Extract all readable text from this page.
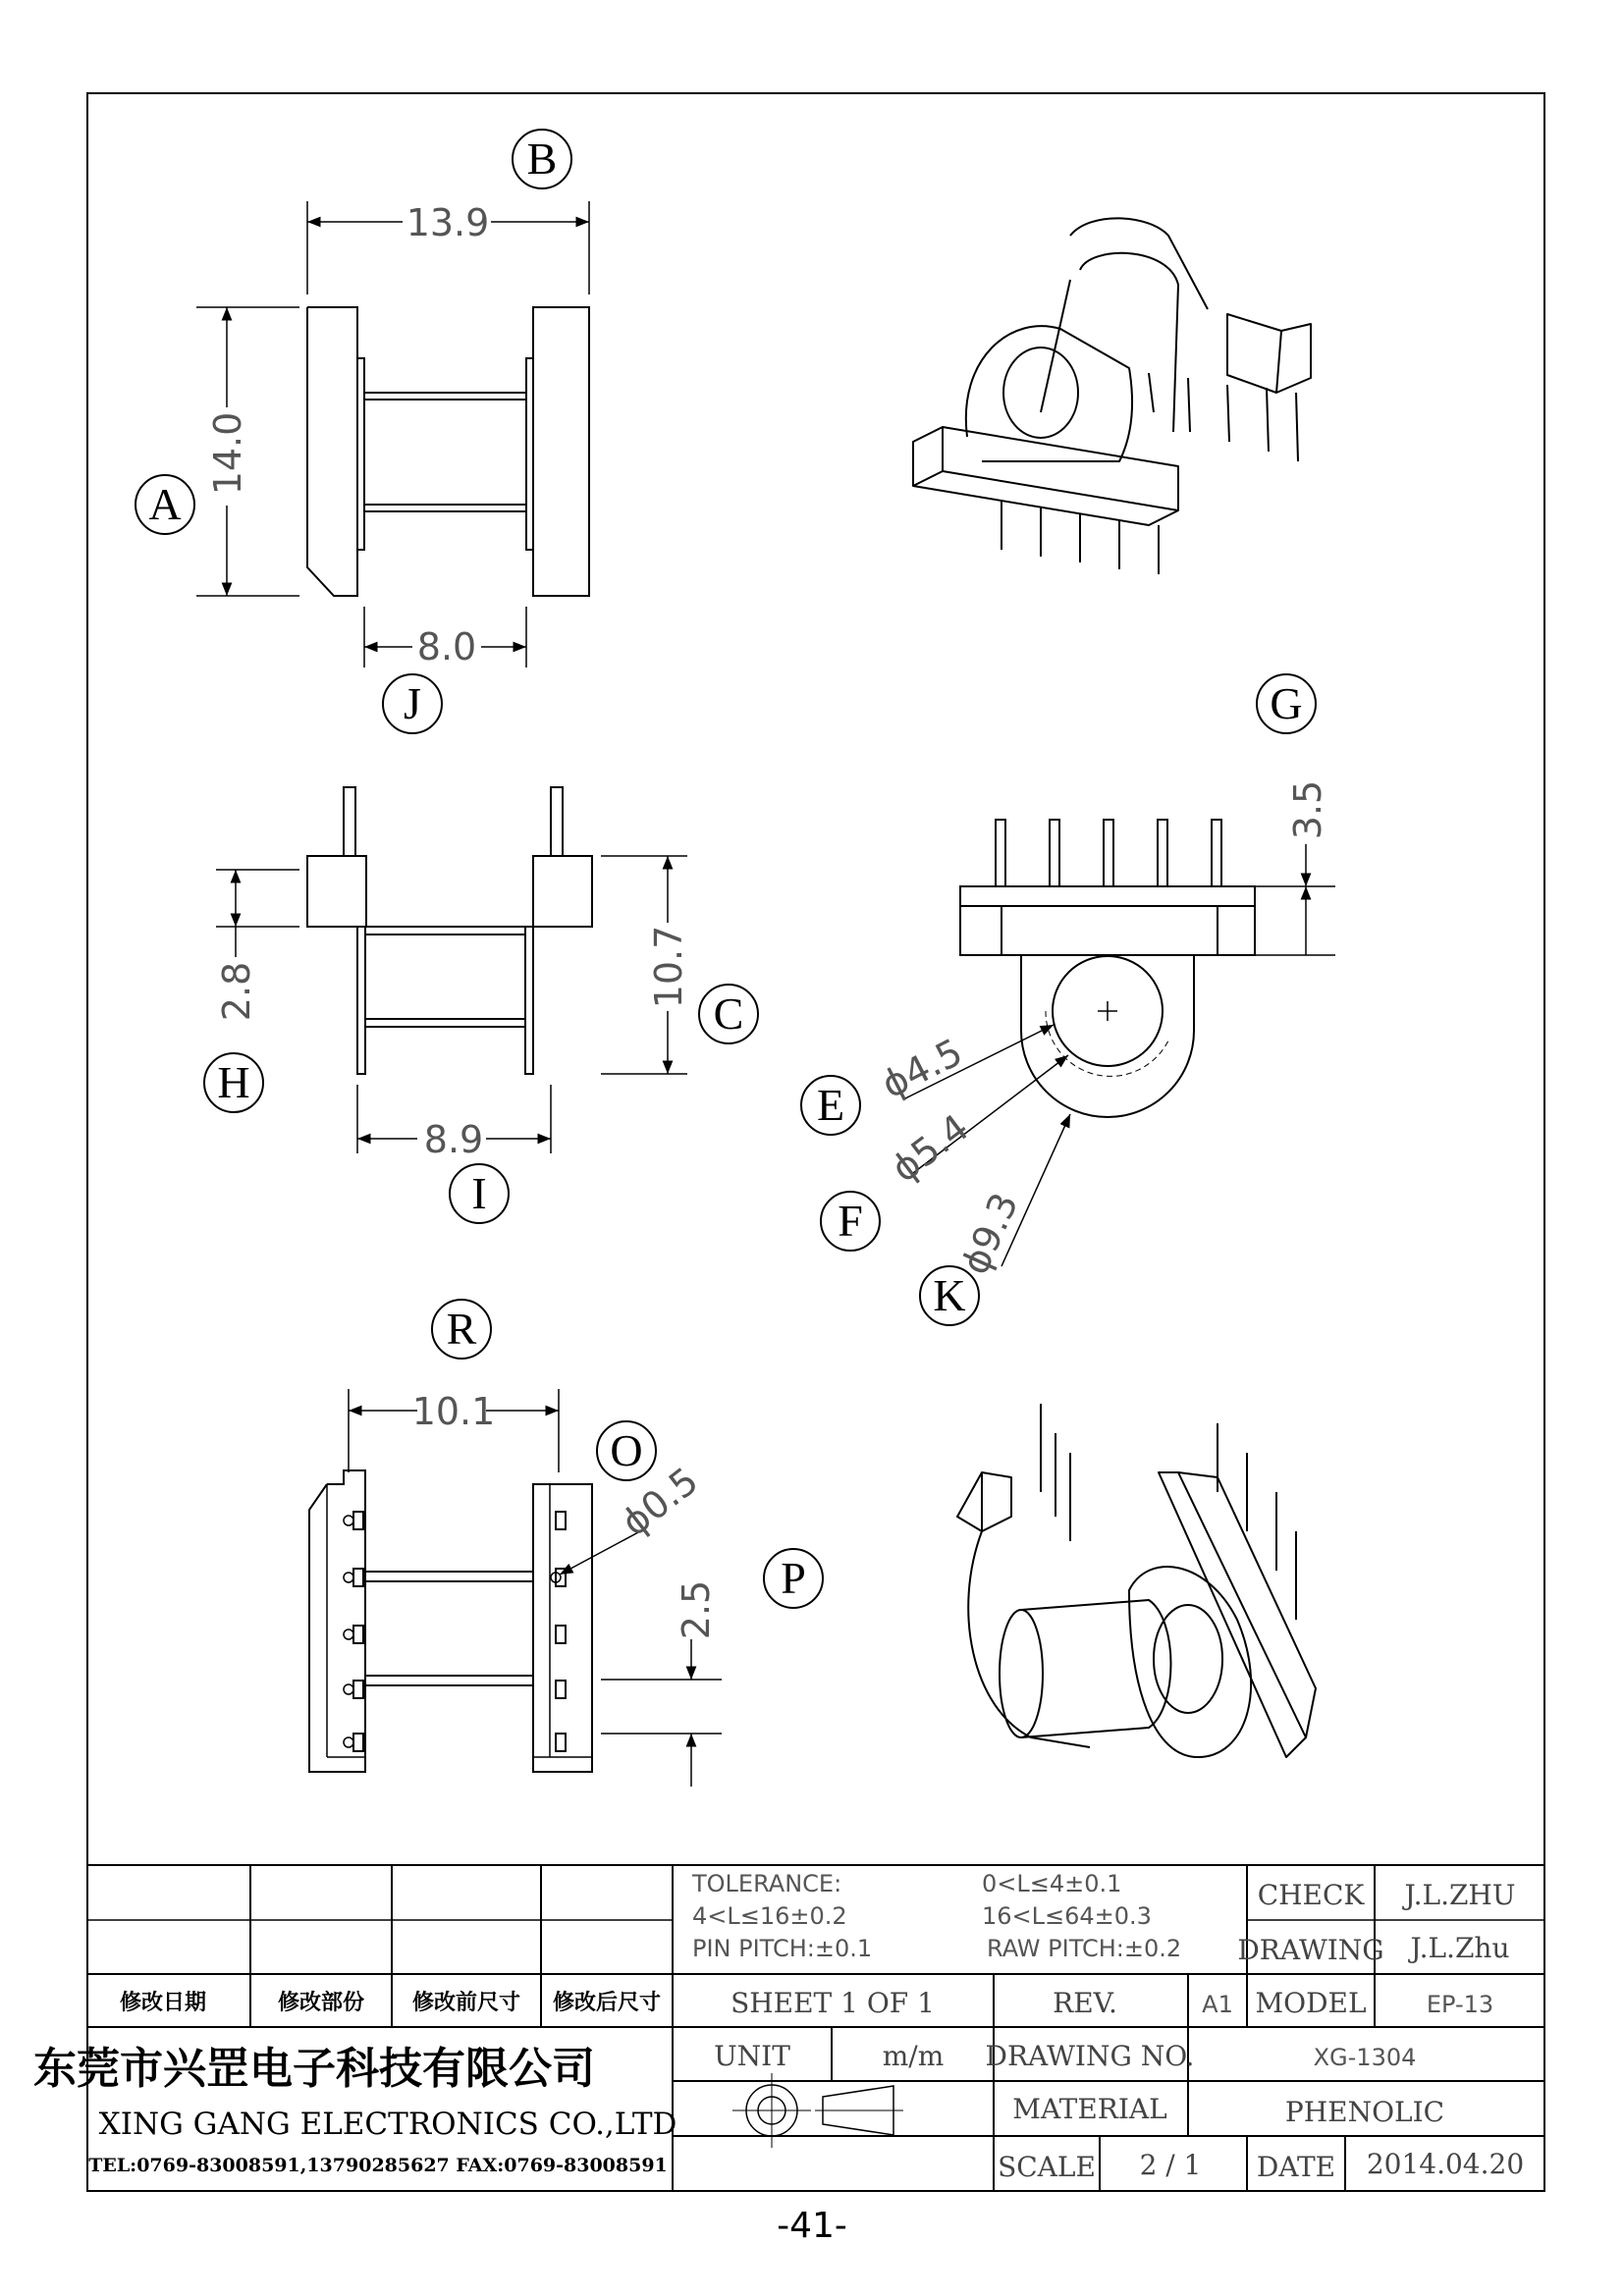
13.9
14.0
8.0
10.7
2.8
8.9
3.5
ϕ4.5
ϕ5.4
ϕ9.3
10.1
ϕ0.5
2.5
B
A
J	G
C
H	E
I
F
K
R
O
P
修改日期	修改部份 修改前尺寸 修改后尺寸
TOLERANCE:	0<L≤4±0.1
4<L≤16±0.2	16<L≤64±0.3
PIN PITCH:±0.1	RAW PITCH:±0.2
CHECK J.L.ZHU
DRAWING J.L.Zhu
SHEET 1 OF 1	REV.	A1 MODEL	EP-13
东莞市兴罡电子科技有限公司
XING GANG ELECTRONICS CO.,LTD
TEL:0769-83008591,13790285627 FAX:0769-83008591
UNIT	m/m DRAWING NO.	XG-1304
MATERIAL	PHENOLIC
SCALE 2 / 1 DATE 2014.04.20
-41-
